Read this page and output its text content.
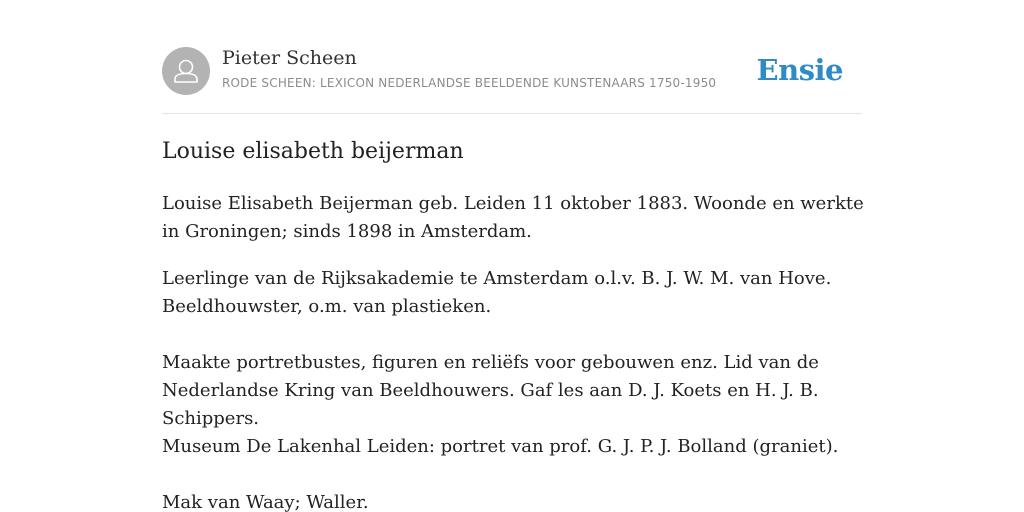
Pieter Scheen
RODE SCHEEN: LEXICON NEDERLANDSE BEELDENDE KUNSTENAARS 1750-1950 Ensie
Louise elisabeth beijerman

Louise Elisabeth Beijerman geb. Leiden 11 oktober 1883. Woonde en werkte in Groningen; sinds 1898 in Amsterdam.

Leerlinge van de Rijksakademie te Amsterdam o.l.v. B. J. W. M. van Hove. Beeldhouwster, o.m. van plastieken.

Maakte portretbustes, figuren en reliëfs voor gebouwen enz. Lid van de Nederlandse Kring van Beeldhouwers. Gaf les aan D. J. Koets en H. J. B. Schippers.

Museum De Lakenhal Leiden: portret van prof. G. J. P. J. Bolland (graniet).

Mak van Waay; Waller.
